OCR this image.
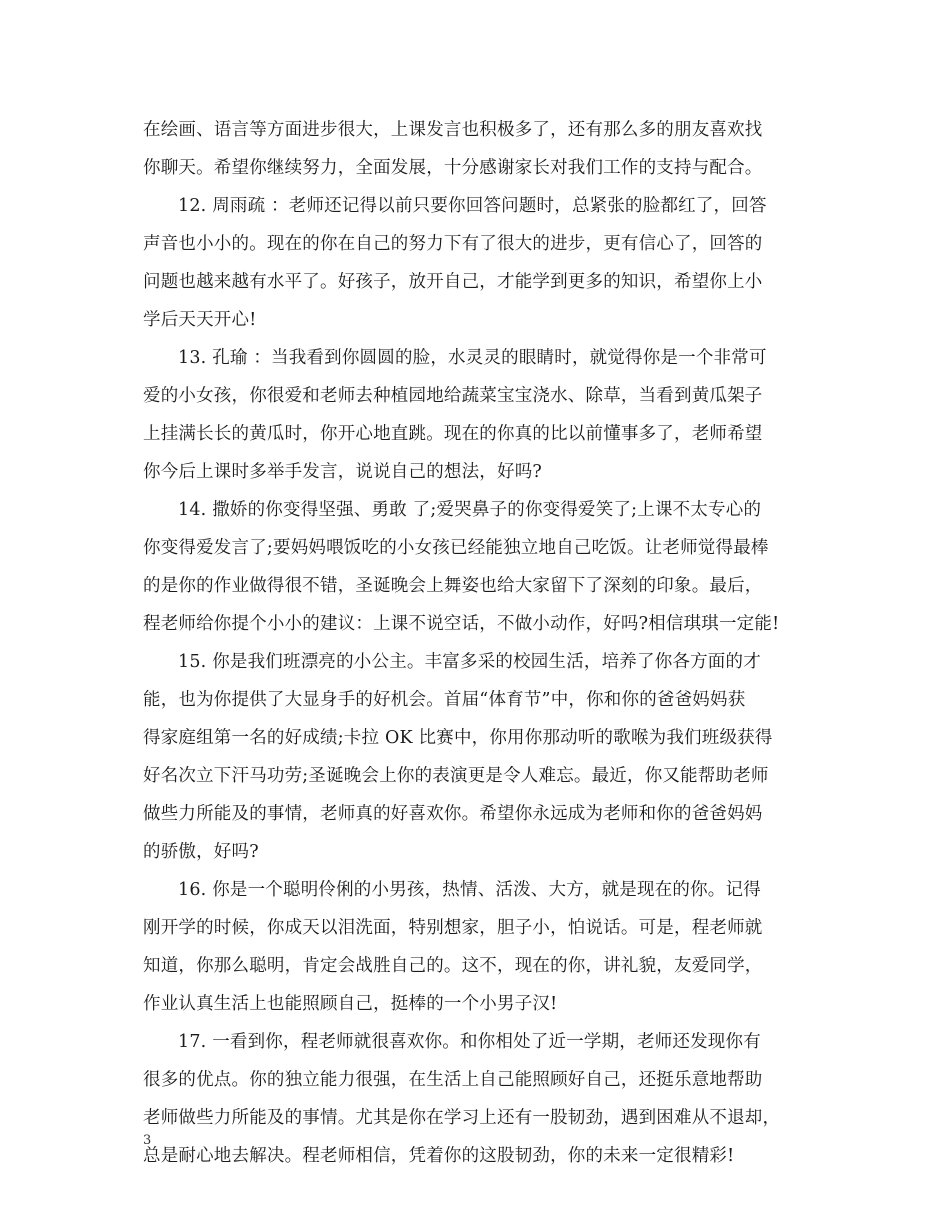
在绘画、语言等方面进步很大，上课发言也积极多了，还有那么多的朋友喜欢找
你聊天。希望你继续努力，全面发展，十分感谢家长对我们工作的支持与配合。
12. 周雨疏 ：老师还记得以前只要你回答问题时，总紧张的脸都红了，回答
声音也小小的。现在的你在自己的努力下有了很大的进步，更有信心了，回答的
问题也越来越有水平了。好孩子，放开自己，才能学到更多的知识，希望你上小
学后天天开心!
13. 孔瑜 ：当我看到你圆圆的脸，水灵灵的眼睛时，就觉得你是一个非常可
爱的小女孩，你很爱和老师去种植园地给蔬菜宝宝浇水、除草，当看到黄瓜架子
上挂满长长的黄瓜时，你开心地直跳。现在的你真的比以前懂事多了，老师希望
你今后上课时多举手发言，说说自己的想法，好吗?
14. 撒娇的你变得坚强、勇敢 了;爱哭鼻子的你变得爱笑了;上课不太专心的
你变得爱发言了;要妈妈喂饭吃的小女孩已经能独立地自己吃饭。让老师觉得最棒
的是你的作业做得很不错，圣诞晚会上舞姿也给大家留下了深刻的印象。最后，
程老师给你提个小小的建议：上课不说空话，不做小动作，好吗?相信琪琪一定能!
15. 你是我们班漂亮的小公主。丰富多采的校园生活，培养了你各方面的才
能，也为你提供了大显身手的好机会。首届“体育节”中，你和你的爸爸妈妈获
得家庭组第一名的好成绩;卡拉 OK 比赛中，你用你那动听的歌喉为我们班级获得
好名次立下汗马功劳;圣诞晚会上你的表演更是令人难忘。最近，你又能帮助老师
做些力所能及的事情，老师真的好喜欢你。希望你永远成为老师和你的爸爸妈妈
的骄傲，好吗?
16. 你是一个聪明伶俐的小男孩，热情、活泼、大方，就是现在的你。记得
刚开学的时候，你成天以泪洗面，特别想家，胆子小，怕说话。可是，程老师就
知道，你那么聪明，肯定会战胜自己的。这不，现在的你，讲礼貌，友爱同学，
作业认真生活上也能照顾自己，挺棒的一个小男子汉!
17. 一看到你，程老师就很喜欢你。和你相处了近一学期，老师还发现你有
很多的优点。你的独立能力很强，在生活上自己能照顾好自己，还挺乐意地帮助
老师做些力所能及的事情。尤其是你在学习上还有一股韧劲，遇到困难从不退却，
总是耐心地去解决。程老师相信，凭着你的这股韧劲，你的未来一定很精彩!
3
